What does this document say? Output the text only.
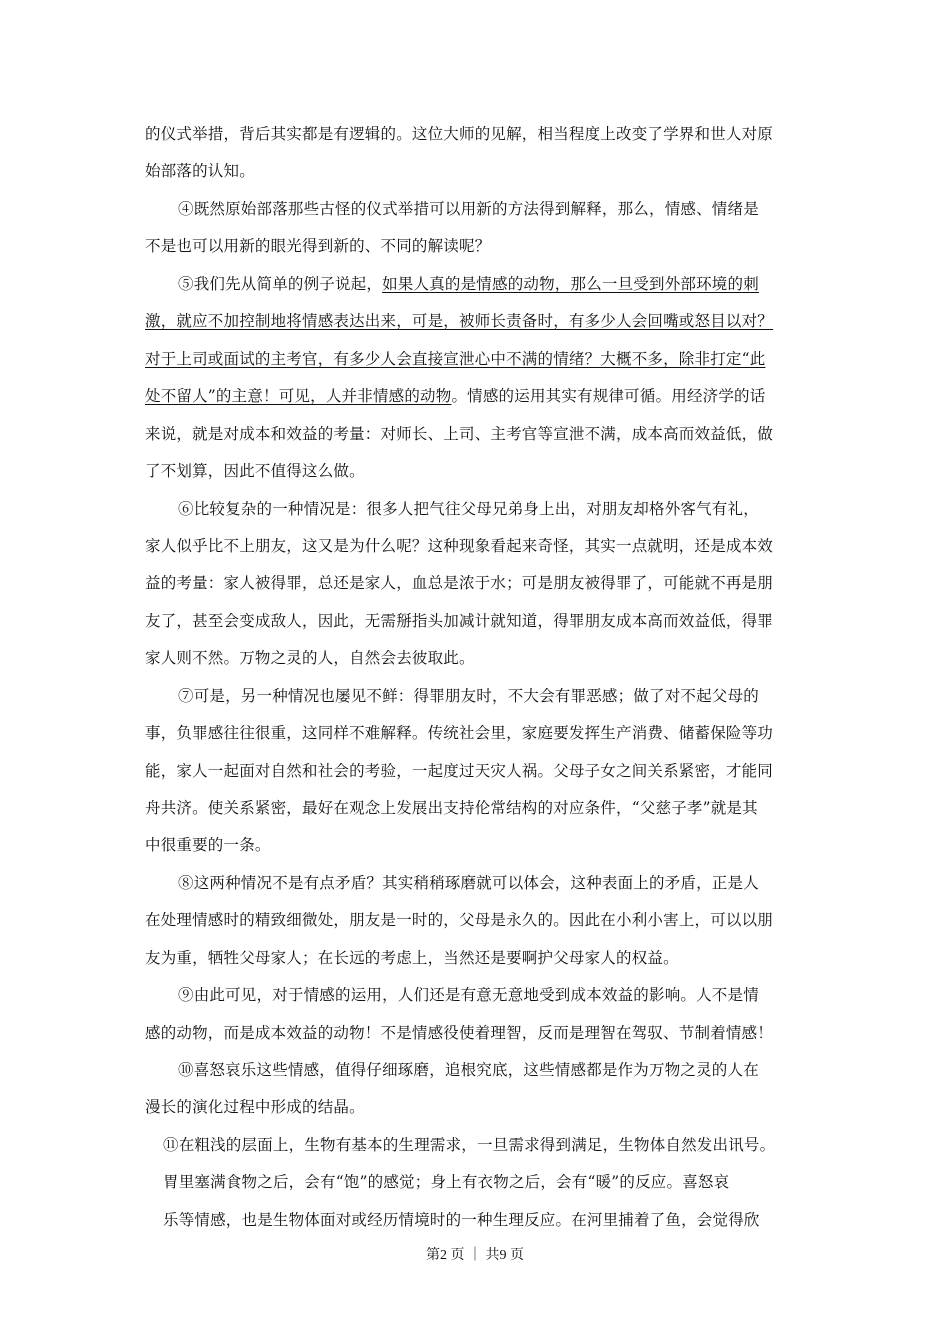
的仪式举措，背后其实都是有逻辑的。这位大师的见解，相当程度上改变了学界和世人对原
始部落的认知。
④既然原始部落那些古怪的仪式举措可以用新的方法得到解释，那么，情感、情绪是
不是也可以用新的眼光得到新的、不同的解读呢？
⑤我们先从简单的例子说起，如果人真的是情感的动物，那么一旦受到外部环境的刺
激，就应不加控制地将情感表达出来，可是，被师长责备时，有多少人会回嘴或怒目以对？
对于上司或面试的主考官，有多少人会直接宣泄心中不满的情绪？大概不多，除非打定“此
处不留人”的主意！可见，人并非情感的动物。情感的运用其实有规律可循。用经济学的话
来说，就是对成本和效益的考量：对师长、上司、主考官等宣泄不满，成本高而效益低，做
了不划算，因此不值得这么做。
⑥比较复杂的一种情况是：很多人把气往父母兄弟身上出，对朋友却格外客气有礼，
家人似乎比不上朋友，这又是为什么呢？这种现象看起来奇怪，其实一点就明，还是成本效
益的考量：家人被得罪，总还是家人，血总是浓于水；可是朋友被得罪了，可能就不再是朋
友了，甚至会变成敌人，因此，无需掰指头加减计就知道，得罪朋友成本高而效益低，得罪
家人则不然。万物之灵的人，自然会去彼取此。
⑦可是，另一种情况也屡见不鲜：得罪朋友时，不大会有罪恶感；做了对不起父母的
事，负罪感往往很重，这同样不难解释。传统社会里，家庭要发挥生产消费、储蓄保险等功
能，家人一起面对自然和社会的考验，一起度过天灾人祸。父母子女之间关系紧密，才能同
舟共济。使关系紧密，最好在观念上发展出支持伦常结构的对应条件，“父慈子孝”就是其
中很重要的一条。
⑧这两种情况不是有点矛盾？其实稍稍琢磨就可以体会，这种表面上的矛盾，正是人
在处理情感时的精致细微处，朋友是一时的，父母是永久的。因此在小利小害上，可以以朋
友为重，牺牲父母家人；在长远的考虑上，当然还是要啊护父母家人的权益。
⑨由此可见，对于情感的运用，人们还是有意无意地受到成本效益的影响。人不是情
感的动物，而是成本效益的动物！不是情感役使着理智，反而是理智在驾驭、节制着情感！
⑩喜怒哀乐这些情感，值得仔细琢磨，追根究底，这些情感都是作为万物之灵的人在
漫长的演化过程中形成的结晶。
⑪在粗浅的层面上，生物有基本的生理需求，一旦需求得到满足，生物体自然发出讯号。
胃里塞满食物之后，会有“饱”的感觉；身上有衣物之后，会有“暖”的反应。喜怒哀
乐等情感，也是生物体面对或经历情境时的一种生理反应。在河里捕着了鱼，会觉得欣
第2 页 ｜ 共9 页
